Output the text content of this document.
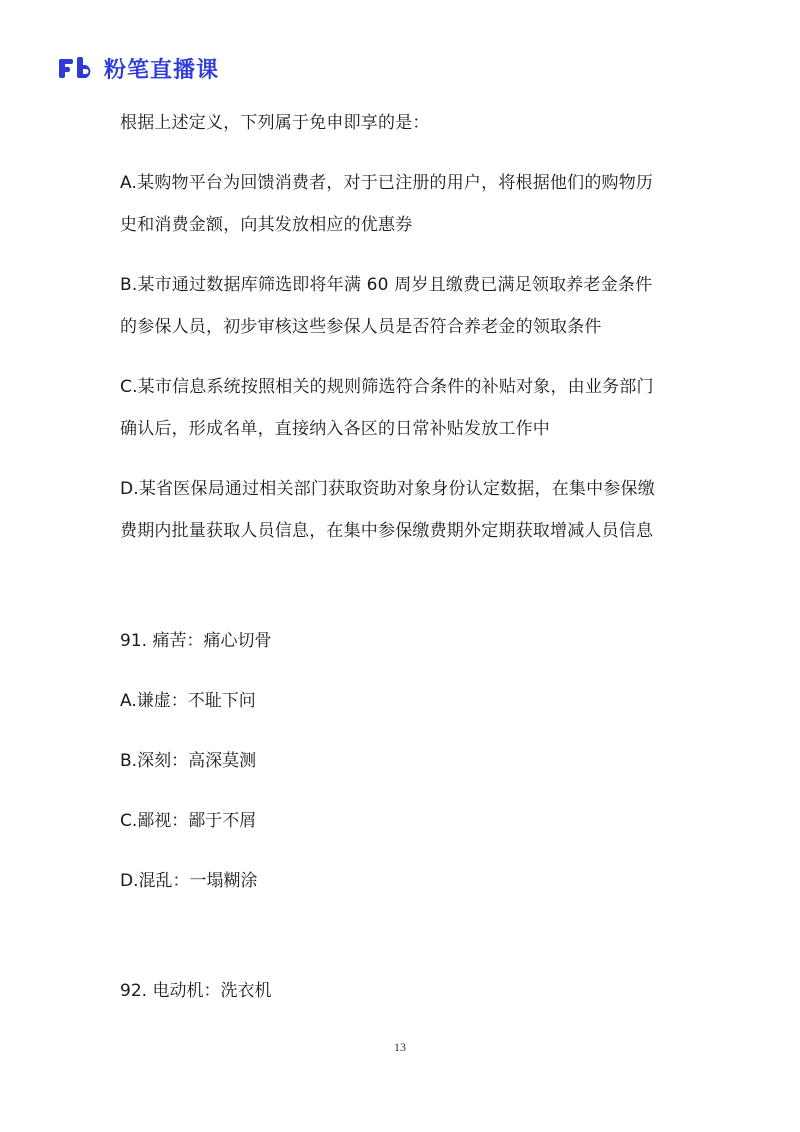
粉笔直播课
根据上述定义，下列属于免申即享的是：
A.某购物平台为回馈消费者，对于已注册的用户，将根据他们的购物历
史和消费金额，向其发放相应的优惠券
B.某市通过数据库筛选即将年满 60 周岁且缴费已满足领取养老金条件
的参保人员，初步审核这些参保人员是否符合养老金的领取条件
C.某市信息系统按照相关的规则筛选符合条件的补贴对象，由业务部门
确认后，形成名单，直接纳入各区的日常补贴发放工作中
D.某省医保局通过相关部门获取资助对象身份认定数据，在集中参保缴
费期内批量获取人员信息，在集中参保缴费期外定期获取增减人员信息
91. 痛苦：痛心切骨
A.谦虚：不耻下问
B.深刻：高深莫测
C.鄙视：鄙于不屑
D.混乱：一塌糊涂
92. 电动机：洗衣机
13
